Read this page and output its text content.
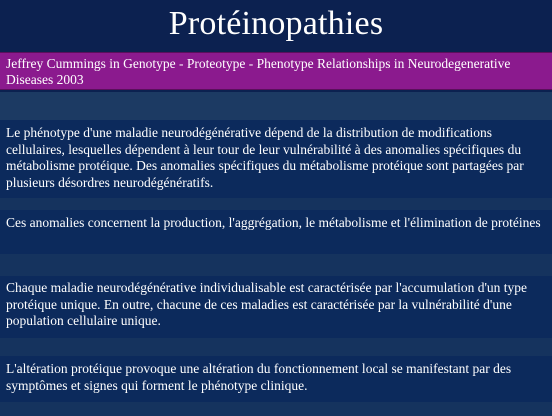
Protéinopathies
Jeffrey Cummings in Genotype - Proteotype - Phenotype Relationships in Neurodegenerative Diseases 2003
Le phénotype d'une maladie neurodégénérative dépend de la distribution de modifications cellulaires, lesquelles dépendent à leur tour de leur vulnérabilité à des anomalies spécifiques du métabolisme protéique. Des anomalies spécifiques du métabolisme protéique sont partagées par plusieurs désordres neurodégénératifs.
Ces anomalies concernent la production, l'aggrégation, le métabolisme et l'élimination de protéines
Chaque maladie neurodégénérative individualisable est caractérisée par l'accumulation d'un type protéique unique. En outre, chacune de ces maladies est caractérisée par la vulnérabilité d'une population cellulaire unique.
L'altération protéique provoque une altération du fonctionnement local se manifestant par des symptômes et signes qui forment le phénotype clinique.
